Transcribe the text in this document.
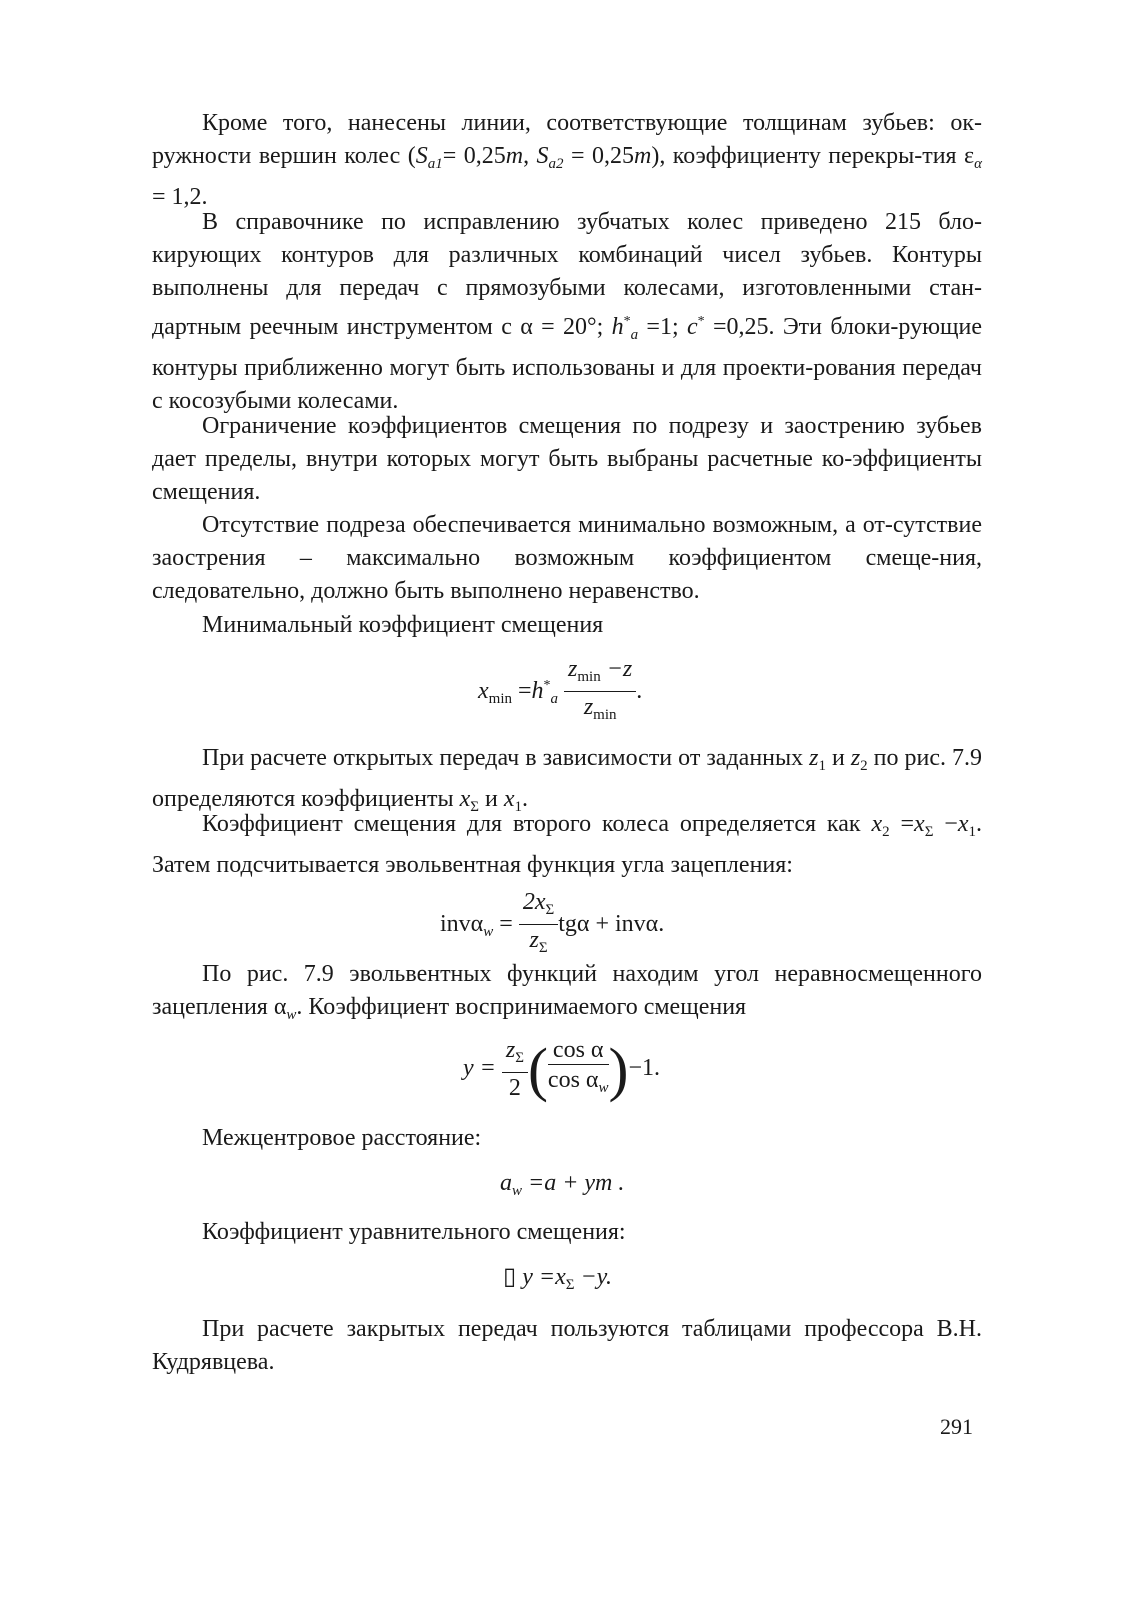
Кроме того, нанесены линии, соответствующие толщинам зубьев: ок-ружности вершин колес ($S_{a1}= 0,25m$, $S_{a2} = 0,25m$), коэффициенту перекры-тия $\varepsilon_\alpha = 1,2$.

В справочнике по исправлению зубчатых колес приведено 215 бло-кирующих контуров для различных комбинаций чисел зубьев. Контуры выполнены для передач с прямозубыми колесами, изготовленными стан-дартным реечным инструментом с α = 20°; $h^*_a =1$; c* =0,25. Эти блоки-рующие контуры приближенно могут быть использованы и для проекти-рования передач с косозубыми колесами.

Ограничение коэффициентов смещения по подрезу и заострению зубьев дает пределы, внутри которых могут быть выбраны расчетные ко-эффициенты смещения.

Отсутствие подреза обеспечивается минимально возможным, а от-сутствие заострения – максимально возможным коэффициентом смеще-ния, следовательно, должно быть выполнено неравенство.

Минимальный коэффициент смещения

$x_{min} =h^*_a \frac{z_{min} -z}{z_{min}}$ .

При расчете открытых передач в зависимости от заданных $z_1$ и $z_2$ по рис. 7.9 определяются коэффициенты $x_\Sigma$ и $x_1$.

Коэффициент смещения для второго колеса определяется как $x_2 =x_\Sigma -x_1$. Затем подсчитывается эвольвентная функция угла зацепления:

$inv\alpha_w = \frac{2x_\Sigma}{z_\Sigma}$ tgα + invα.

По рис. 7.9 эвольвентных функций находим угол неравносмещенного зацепления $\alpha_w$. Коэффициент воспринимаемого смещения

$y = \frac{z_\Sigma}{2}$ ( $\frac{\text{cos α}}{\cos \alpha_w} )-1$.

Межцентровое расстояние:

$a_w =a$ + ym .

Коэффициент уравнительного смещения:

▯ $y =x_\Sigma -y$.

При расчете закрытых передач пользуются таблицами профессора В.Н. Кудрявцева.

291
